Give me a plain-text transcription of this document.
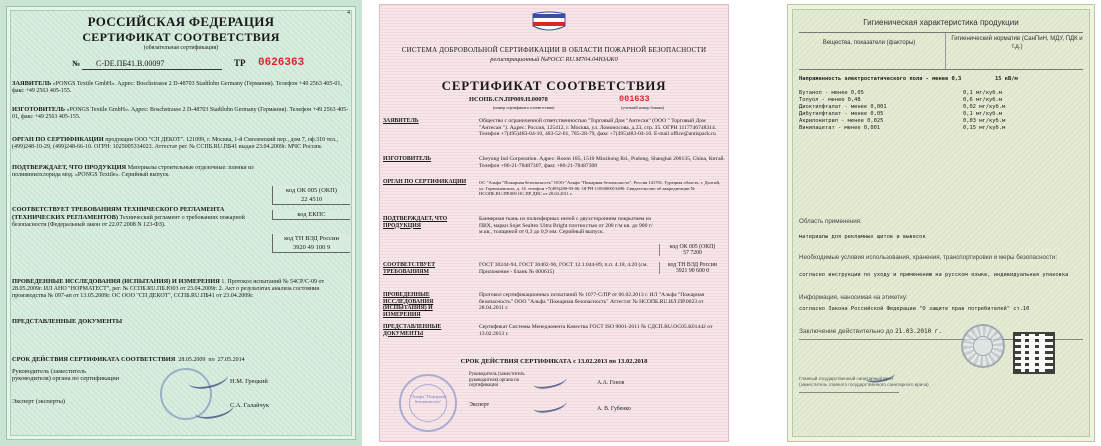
4
РОССИЙСКАЯ ФЕДЕРАЦИЯ
СЕРТИФИКАТ СООТВЕТСТВИЯ
(обязательная сертификация)
№ C-DE.ПБ41.В.00097	ТР 0626363
ЗАЯВИТЕЛЬ «PONGS Textile GmbH». Адрес: Boschstrasse 2 D-48703 Stadtlohn Germany (Германия). Телефон +49 2563 405-01, факс +49 2563 405-155.
ИЗГОТОВИТЕЛЬ «PONGS Textile GmbH». Адрес: Boschstrasse 2 D-48703 Stadtlohn Germany (Германия). Телефон +49 2563 405-01, факс +49 2563 405-155.
ОРГАН ПО СЕРТИФИКАЦИИ продукции ООО "СП ДЕКОТ". 121099, г. Москва, 1-й Смоленский пер., дом 7, оф.310 тел., (499)248-10-29, (499)248-66-10. ОГРН: 1025005334023. Аттестат рег. № ССПБ.RU.ПБ41 выдан 23.04.2009г. МЧС России.
ПОДТВЕРЖДАЕТ, ЧТО ПРОДУКЦИЯ Материалы строительные отделочные: пленки из поливинилхлорида мод. «PONGS Textile». Серийный выпуск.
код ОК 005 (ОКП)
22 4510
СООТВЕТСТВУЕТ ТРЕБОВАНИЯМ ТЕХНИЧЕСКОГО РЕГЛАМЕНТА (ТЕХНИЧЕСКИХ РЕГЛАМЕНТОВ) Технический регламент о требованиях пожарной безопасности (Федеральный закон от 22.07.2008 N 123-ФЗ).
код ЕКПС
код ТН ВЭД России
3920 49 100 9
ПРОВЕДЕННЫЕ ИССЛЕДОВАНИЯ (ИСПЫТАНИЯ) И ИЗМЕРЕНИЯ 1. Протокол испытаний № 54СР/С-09 от 28.05.2009г. ИЛ АНО "НОРМАТЕСТ", рег. № ССПБ.RU.ПБ.Ю03 от 23.04.2009г. 2. Акт о результатах анализа состояния производства № 097-ап от 13.05.2009г. ОС ООО "СП ДЕКОТ", ССПБ.RU.ПБ41 от 23.04.2009г.
ПРЕДСТАВЛЕННЫЕ ДОКУМЕНТЫ
СРОК ДЕЙСТВИЯ СЕРТИФИКАТА СООТВЕТСТВИЯ 28.05.2009 по 27.05.2014
Руководитель (заместитель руководителя) органа по сертификации	Н.М. Грецкий
Эксперт (эксперты)
С.А. Галайчук
СИСТЕМА ДОБРОВОЛЬНОЙ СЕРТИФИКАЦИИ В ОБЛАСТИ ПОЖАРНОЙ БЕЗОПАСНОСТИ
регистрационный №РОСС RU.М704.04ЮАЖ0
СЕРТИФИКАТ СООТВЕТСТВИЯ
НСОПБ.CN.ПР009.Н.00078	001633
(номер сертификата соответствия)	(учетный номер бланка)
ЗАЯВИТЕЛЬ	Общество с ограниченной ответственностью "Торговый Дом "Антесан" (ООО " Торговый Дом "Антесан "). Адрес: Россия, 125412, г. Москва, ул. Ломоносова, д.23, стр. 35. ОГРН 1117746748314. Телефон +7(495)483-04-10, 483-52-01, 785-28-79, факс +7(495)483-04-10. E-mail office@antispack.ru
ИЗГОТОВИТЕЛЬ	Cheyung Ind Corporation. Адрес: Room 185, 1510 Minzhong Rd., Pudong, Shanghai 200135, China, Китай. Телефон +86-21-78487307, факс +86-21-78487308
ОРГАН ПО СЕРТИФИКАЦИИ	ОС "Альфа "Пожарная безопасность" ООО "Альфа "Пожарная безопасность", Россия 141701, Турецкая область, г. Долгий, ул. Горюоновских, д. 14. телефон +7(495)280-93-06. ОГРН 1105000013490. Свидетельство об аккредитации № НСОПБ.RU.ПР.009 ОС.ПР ДИС от 28.04.2011 г.
ПОДТВЕРЖДАЕТ, ЧТО ПРОДУКЦИЯ
Баннерная ткань из полиэфирных нитей с двухсторонним покрытием из ПВХ, марки Sojet Sealtex Ultra Bright плотностью от 200 г/м кв. до 900 г/м.кв., толщиной от 0,3 до 0,9 мм. Серийный выпуск.
код ОК 005 (ОКП)
57 7200
СООТВЕТСТВУЕТ ТРЕБОВАНИЯМ
ГОСТ 30244-94, ГОСТ 30402-96, ГОСТ 12.1.044-89, п.п. 4.18, 4.20 (см. Приложение - бланк № 000615)
код ТН ВЭД России
3921 90 600 0
ПРОВЕДЕННЫЕ ИССЛЕДОВАНИЯ (ИСПЫТАНИЯ) И ИЗМЕРЕНИЯ
Протокол сертификационных испытаний № 1077-С/ПР от 06.02.2013 г. ИЛ "Альфа "Пожарная безопасность" ООО "Альфа "Пожарная безопасность" Аттестат № НСОПБ.RU.ИЛ.ПР.0023 от 28.04.2011 г.
ПРЕДСТАВЛЕННЫЕ ДОКУМЕНТЫ
Сертификат Системы Менеджмента Качества ГОСТ ISO 9001-2011 № СДСП.RU.ОС05.К01442 от 13.02.2013 г.
СРОК ДЕЙСТВИЯ СЕРТИФИКАТА с 13.02.2013 по 13.02.2018
"Альфа "Пожарная безопасность"
Руководитель (заместитель руководителя) органа по сертификации	А.А. Гонов
Эксперт
А. В. Губенко
Гигиеническая характеристика продукции
Вещества, показатели (факторы)
Гигиенический норматив (СанПиН, МДУ, ПДК и т.д.)
Напряженность электростатического поля - менее 0,3	15 кВ/м
Бутанол - менее 0,05	0,1 мг/куб.м
Толуол - менее 0,48	0,6 мг/куб.м
Диоктилфталат - менее 0,001	0,02 мг/куб.м
Дибутилфталат - менее 0,05	0,1 мг/куб.м
Акрилонитрил - менее 0,025	0,03 мг/куб.м
Винилацетат - менее 0,001	0,15 мг/куб.м
Область применения:
материалы для рекламных щитов и вывесок
Необходимые условия использования, хранения, транспортировки и меры безопасности:
согласно инструкции по уходу и применению на русском языке, индивидуальная упаковка
Информация, наносимая на этикетку:
согласно Закона Российской Федерации "О защите прав потребителей" ст.10
Заключение действительно до 21.03.2010 г.
Главный государственный санитарный врач
(заместитель главного государственного санитарного врача)
